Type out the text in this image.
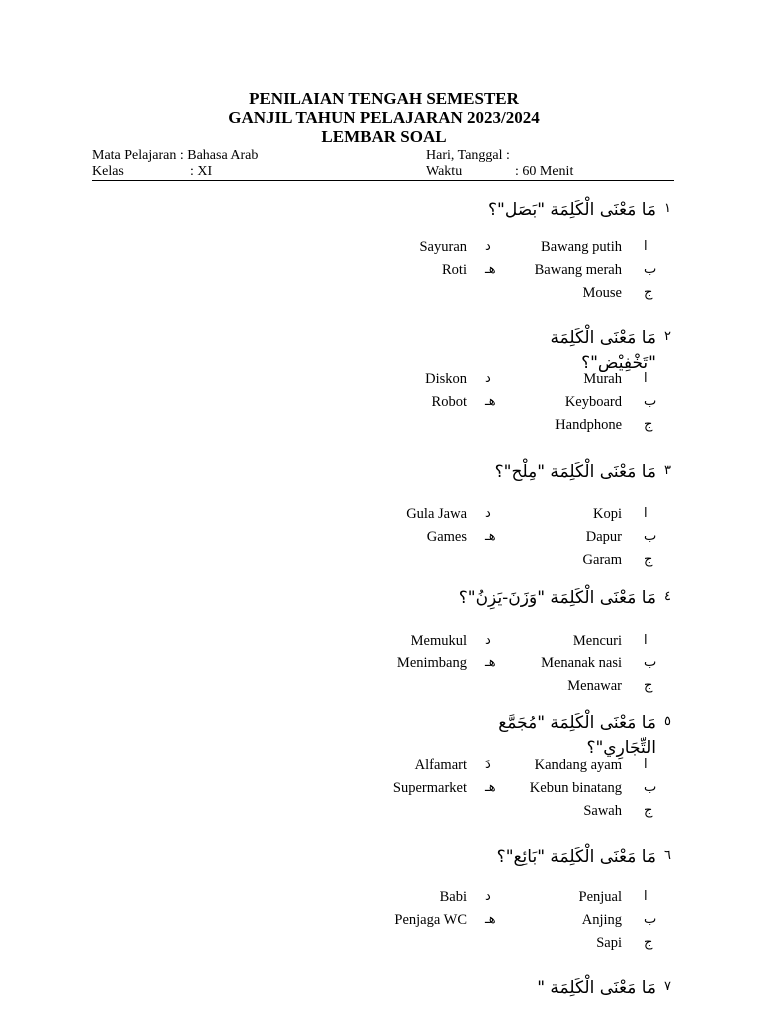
PENILAIAN TENGAH SEMESTER
GANJIL TAHUN PELAJARAN 2023/2024
LEMBAR SOAL
Mata Pelajaran : Bahasa Arab
Kelas	: XI
Hari, Tanggal :
Waktu	: 60 Menit
١
مَا مَعْنَى الْكَلِمَة "بَصَل"؟
ا
Bawang putih
د
Sayuran
ب
Bawang merah
هـ
Roti
ج
Mouse
٢
مَا مَعْنَى الْكَلِمَة "تَخْفِيْض"؟
ا
Murah
د
Diskon
ب
Keyboard
هـ
Robot
ج
Handphone
٣
مَا مَعْنَى الْكَلِمَة "مِلْح"؟
ا
Kopi
د
Gula Jawa
ب
Dapur
هـ
Games
ج
Garam
٤
مَا مَعْنَى الْكَلِمَة "وَزَنَ-يَزِنُ"؟
ا
Mencuri
د
Memukul
ب
Menanak nasi
هـ
Menimbang
ج
Menawar
٥
مَا مَعْنَى الْكَلِمَة "مُجَمَّع التِّجَارِي"؟
ا
Kandang ayam
دَ
Alfamart
ب
Kebun binatang
هـ
Supermarket
ج
Sawah
٦
مَا مَعْنَى الْكَلِمَة "بَائِع"؟
ا
Penjual
د
Babi
ب
Anjing
هـ
Penjaga WC
ج
Sapi
٧
مَا مَعْنَى الْكَلِمَة "
